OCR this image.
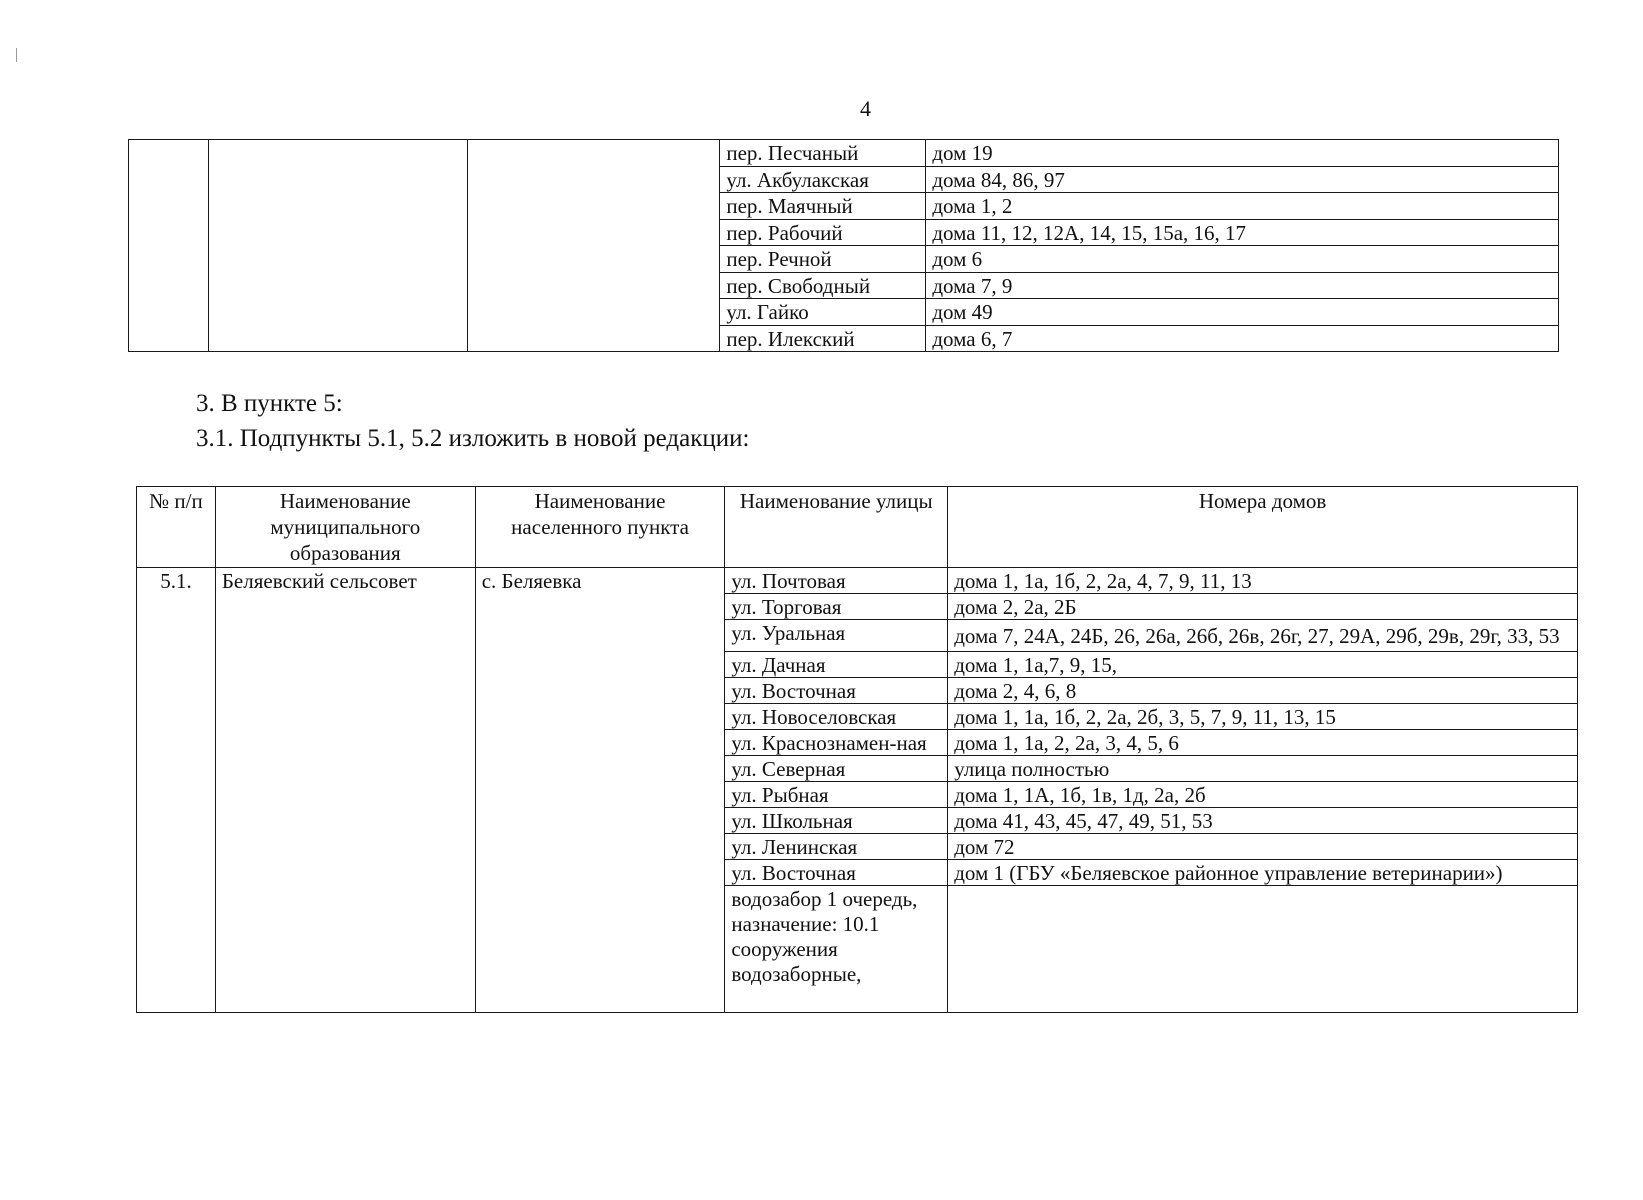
4
			пер. Песчаный	дом 19
			ул. Акбулакская	дома 84, 86, 97
			пер. Маячный	дома 1, 2
			пер. Рабочий	дома 11, 12, 12А, 14, 15, 15а, 16, 17
			пер. Речной	дом 6
			пер. Свободный	дома 7, 9
			ул. Гайко	дом 49
			пер. Илекский	дома 6, 7
3. В пункте 5:
3.1. Подпункты 5.1, 5.2 изложить в новой редакции:
№ п/п	Наименование муниципального образования	Наименование населенного пункта	Наименование улицы	Номера домов
5.1.	Беляевский сельсовет	с. Беляевка	ул. Почтовая	дома 1, 1а, 1б, 2, 2а, 4, 7, 9, 11, 13
			ул. Торговая	дома 2, 2а, 2Б
			ул. Уральная	дома 7, 24А, 24Б, 26, 26а, 26б, 26в, 26г, 27, 29А, 29б, 29в, 29г, 33, 53
			ул. Дачная	дома 1, 1а,7, 9, 15,
			ул. Восточная	дома 2, 4, 6, 8
			ул. Новоселовская	дома 1, 1а, 1б, 2, 2а, 2б, 3, 5, 7, 9, 11, 13, 15
			ул. Краснознамен-ная	дома 1, 1а, 2, 2а, 3, 4, 5, 6
			ул. Северная	улица полностью
			ул. Рыбная	дома 1, 1А, 1б, 1в, 1д, 2а, 2б
			ул. Школьная	дома 41, 43, 45, 47, 49, 51, 53
			ул. Ленинская	дом 72
			ул. Восточная	дом 1 (ГБУ «Беляевское районное управление ветеринарии»)
			водозабор 1 очередь, назначение: 10.1 сооружения водозаборные,	
